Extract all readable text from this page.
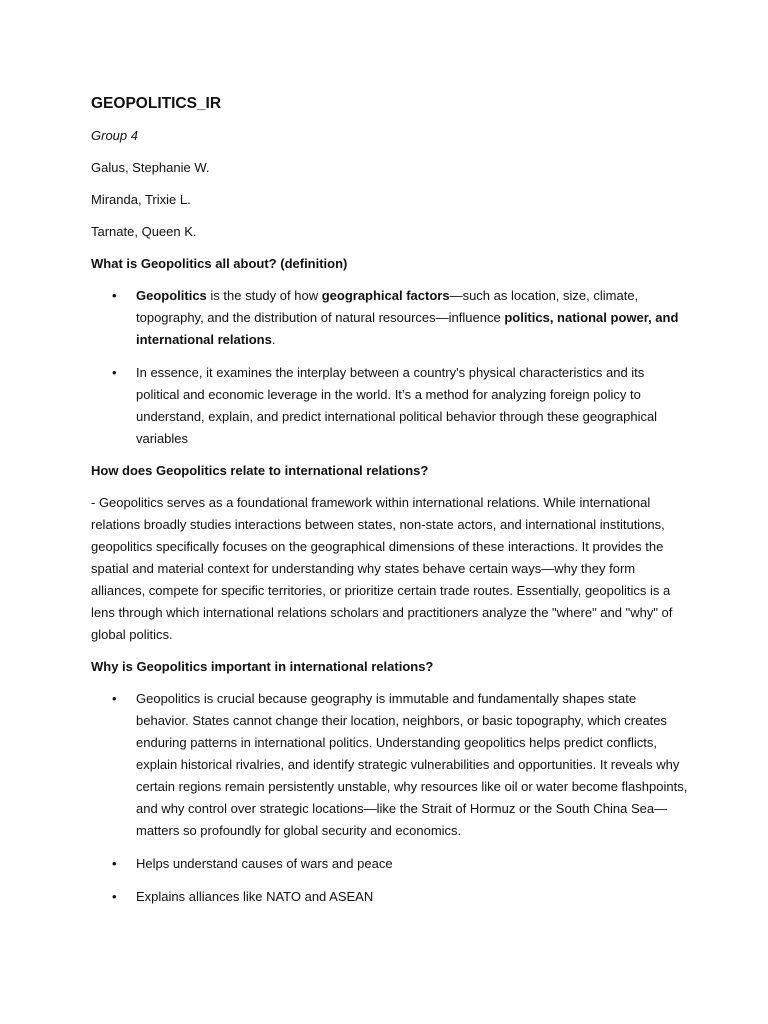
GEOPOLITICS_IR
Group 4
Galus, Stephanie W.
Miranda, Trixie L.
Tarnate, Queen K.
What is Geopolitics all about? (definition)
• Geopolitics is the study of how geographical factors—such as location, size, climate, topography, and the distribution of natural resources—influence politics, national power, and international relations.
• In essence, it examines the interplay between a country's physical characteristics and its political and economic leverage in the world. It’s a method for analyzing foreign policy to understand, explain, and predict international political behavior through these geographical variables
How does Geopolitics relate to international relations?
- Geopolitics serves as a foundational framework within international relations. While international relations broadly studies interactions between states, non-state actors, and international institutions, geopolitics specifically focuses on the geographical dimensions of these interactions. It provides the spatial and material context for understanding why states behave certain ways—why they form alliances, compete for specific territories, or prioritize certain trade routes. Essentially, geopolitics is a lens through which international relations scholars and practitioners analyze the "where" and "why" of global politics.
Why is Geopolitics important in international relations?
• Geopolitics is crucial because geography is immutable and fundamentally shapes state behavior. States cannot change their location, neighbors, or basic topography, which creates enduring patterns in international politics. Understanding geopolitics helps predict conflicts, explain historical rivalries, and identify strategic vulnerabilities and opportunities. It reveals why certain regions remain persistently unstable, why resources like oil or water become flashpoints, and why control over strategic locations—like the Strait of Hormuz or the South China Sea—matters so profoundly for global security and economics.
• Helps understand causes of wars and peace
• Explains alliances like NATO and ASEAN
